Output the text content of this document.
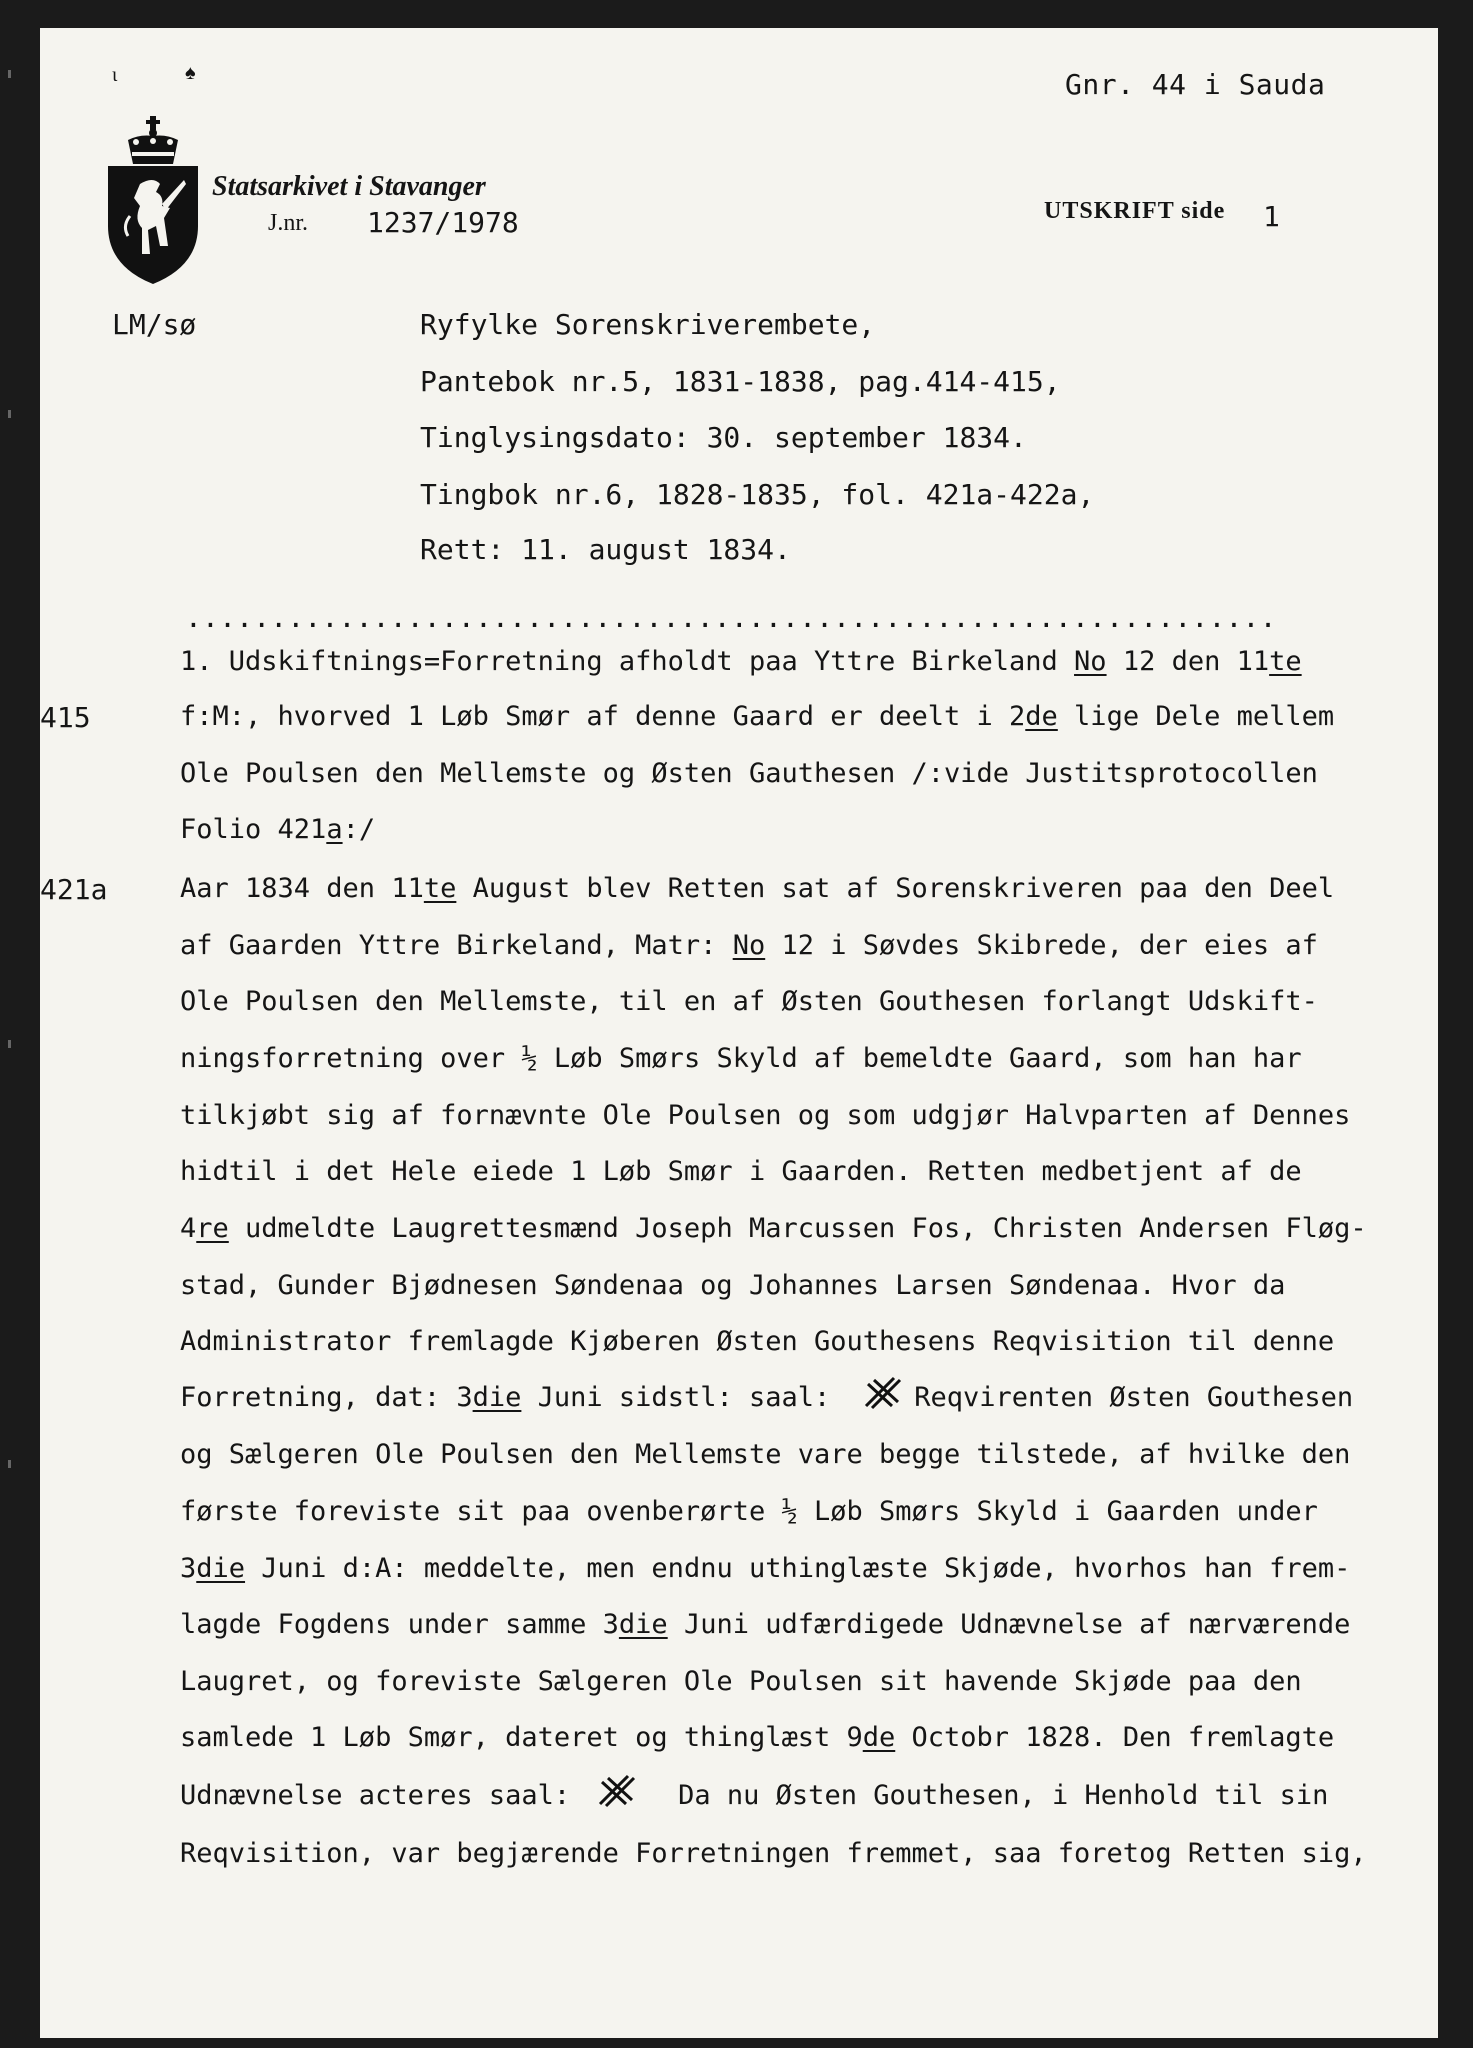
ι	♠	Gnr. 44 i Sauda
Statsarkivet i Stavanger
J.nr. 1237/1978	UTSKRIFT side 1
LM/sø	Ryfylke Sorenskriverembete,
Pantebok nr.5, 1831-1838, pag.414-415,
Tinglysingsdato: 30. september 1834.
Tingbok nr.6, 1828-1835, fol. 421a-422a,
Rett: 11. august 1834.
................................................................
1. Udskiftnings=Forretning afholdt paa Yttre Birkeland No 12 den 11te
415	f:M:, hvorved 1 Løb Smør af denne Gaard er deelt i 2de lige Dele mellem
Ole Poulsen den Mellemste og Østen Gauthesen /:vide Justitsprotocollen
Folio 421a:/
421a	Aar 1834 den 11te August blev Retten sat af Sorenskriveren paa den Deel
af Gaarden Yttre Birkeland, Matr: No 12 i Søvdes Skibrede, der eies af
Ole Poulsen den Mellemste, til en af Østen Gouthesen forlangt Udskift-
ningsforretning over ½ Løb Smørs Skyld af bemeldte Gaard, som han har
tilkjøbt sig af fornævnte Ole Poulsen og som udgjør Halvparten af Dennes
hidtil i det Hele eiede 1 Løb Smør i Gaarden. Retten medbetjent af de
4re udmeldte Laugrettesmænd Joseph Marcussen Fos, Christen Andersen Fløg-
stad, Gunder Bjødnesen Søndenaa og Johannes Larsen Søndenaa. Hvor da
Administrator fremlagde Kjøberen Østen Gouthesens Reqvisition til denne
Forretning, dat: 3die Juni sidstl: saal:	Reqvirenten Østen Gouthesen
og Sælgeren Ole Poulsen den Mellemste vare begge tilstede, af hvilke den
første foreviste sit paa ovenberørte ½ Løb Smørs Skyld i Gaarden under
3die Juni d:A: meddelte, men endnu uthinglæste Skjøde, hvorhos han frem-
lagde Fogdens under samme 3die Juni udfærdigede Udnævnelse af nærværende
Laugret, og foreviste Sælgeren Ole Poulsen sit havende Skjøde paa den
samlede 1 Løb Smør, dateret og thinglæst 9de Octobr 1828. Den fremlagte
Udnævnelse acteres saal:	Da nu Østen Gouthesen, i Henhold til sin
Reqvisition, var begjærende Forretningen fremmet, saa foretog Retten sig,
